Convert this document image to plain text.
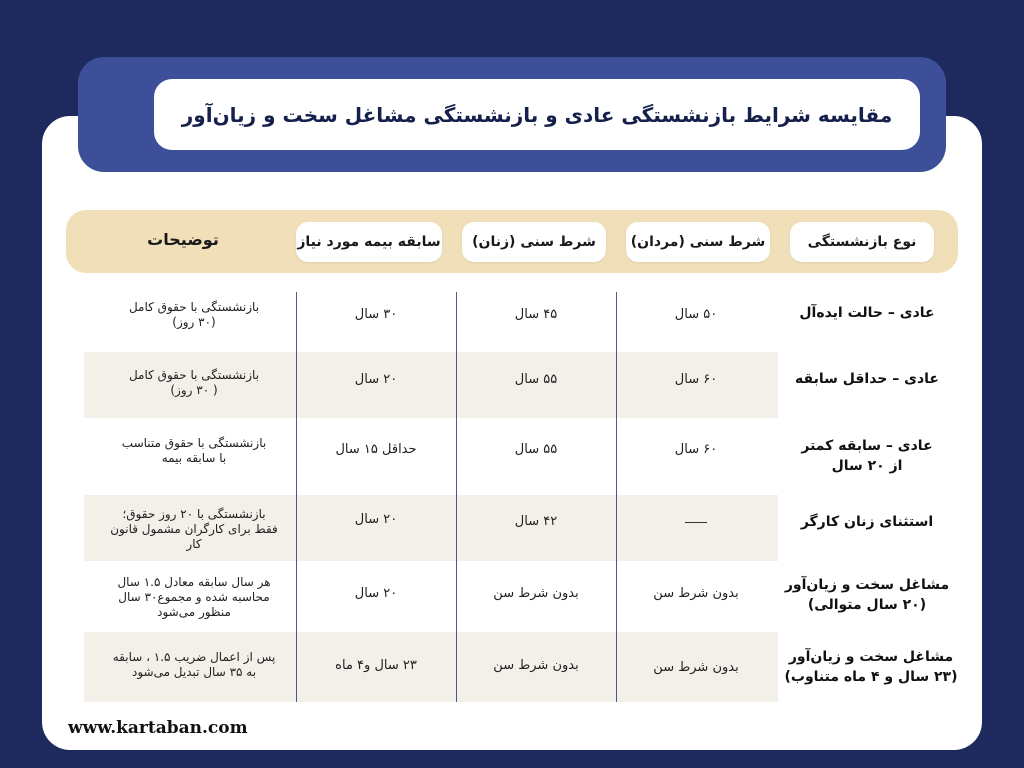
مقایسه شرایط بازنشستگی عادی و بازنشستگی مشاغل سخت و زیان‌آور
نوع بازنشستگی
شرط سنی (مردان)
شرط سنی (زنان)
سابقه بیمه مورد نیاز
توضیحات
عادی – حالت ایده‌آل
۵۰ سال
۴۵ سال
۳۰ سال
بازنشستگی با حقوق کامل
(۳۰ روز)
عادی – حداقل سابقه
۶۰ سال
۵۵ سال
۲۰ سال
بازنشستگی با حقوق کامل
( ۳۰ روز)
عادی – سابقه کمتر
از ۲۰ سال
۶۰ سال
۵۵ سال
حداقل ۱۵ سال
بازنشستگی با حقوق متناسب
با سابقه بیمه
استثنای زنان کارگر
۴۲ سال
۲۰ سال
بازنشستگی با ۲۰ روز حقوق؛
فقط برای کارگران مشمول قانون
کار
مشاغل سخت و زیان‌آور
(۲۰ سال متوالی)
بدون شرط سن
بدون شرط سن
۲۰ سال
هر سال سابقه معادل ۱.۵ سال
محاسبه شده و مجموع۳۰ سال
منظور می‌شود
مشاغل سخت و زیان‌آور
(۲۳ سال و ۴ ماه متناوب)
بدون شرط سن
بدون شرط سن
۲۳ سال و۴ ماه
پس از اعمال ضریب ۱.۵ ، سابقه
به ۳۵ سال تبدیل می‌شود
www.kartaban.com
